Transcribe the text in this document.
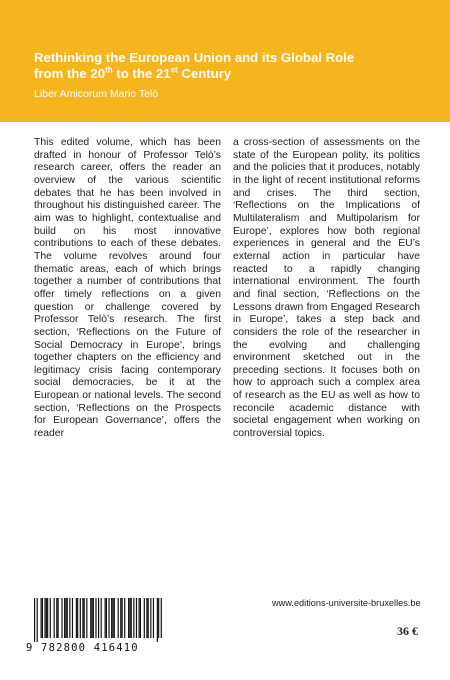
Rethinking the European Union and its Global Role
from the 20th to the 21st Century

Liber Amicorum Mario Telò

This edited volume, which has been drafted in honour of Professor Telò’s research career, offers the reader an overview of the various scientific debates that he has been involved in throughout his distinguished career. The aim was to highlight, contextualise and build on his most innovative contributions to each of these debates. The volume revolves around four thematic areas, each of which brings together a number of contributions that offer timely reflections on a given question or challenge covered by Professor Telò’s research. The first section, ‘Reflections on the Future of Social Democracy in Europe’, brings together chapters on the efficiency and legitimacy crisis facing contemporary social democracies, be it at the European or national levels. The second section, ‘Reflections on the Prospects for European Governance’, offers the reader

a cross-section of assessments on the state of the European polity, its politics and the policies that it produces, notably in the light of recent institutional reforms and crises. The third section, ‘Reflections on the Implications of Multilateralism and Multipolarism for Europe’, explores how both regional experiences in general and the EU’s external action in particular have reacted to a rapidly changing international environment. The fourth and final section, ‘Reflections on the Lessons drawn from Engaged Research in Europe’, takes a step back and considers the role of the researcher in the evolving and challenging environment sketched out in the preceding sections. It focuses both on how to approach such a complex area of research as the EU as well as how to reconcile academic distance with societal engagement when working on controversial topics.

9 782800 416410

www.editions-universite-bruxelles.be

36 €
